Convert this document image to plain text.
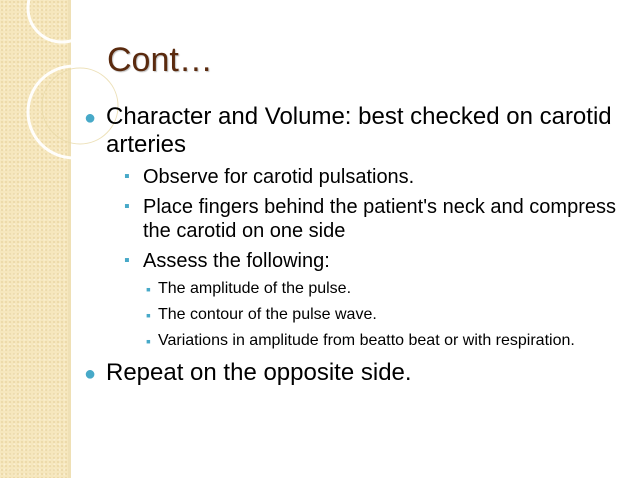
Cont…
● Character and Volume: best checked on carotid arteries
▪ Observe for carotid pulsations.
▪ Place fingers behind the patient's neck and compress the carotid on one side
▪ Assess the following:
▪ The amplitude of the pulse.
▪ The contour of the pulse wave.
▪ Variations in amplitude from beatto beat or with respiration.
● Repeat on the opposite side.
